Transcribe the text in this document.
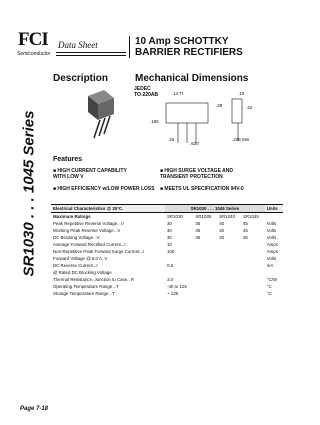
FCI
Semiconductor
Data Sheet	10 Amp SCHOTTKY
BARRIER RECTIFIERS
SR1030 . . . 1045 Series
Description	Mechanical Dimensions
JEDEC
TO-220AB	.14 Tl	.10
.39	.42
.195
.25
.620
.225 Min
Features
■ HIGH CURRENT CAPABILITY
WITH LOW V
■ HIGH SURGE VOLTAGE AND
TRANSIENT PROTECTION
■ HIGH EFFICIENCY w/LOW POWER LOSS ■ MEETS UL SPECIFICATION 94V-0
Electrical Characteristics @ 25°C.	SR1030 . . . 1045 Series				Units
Maximum Ratings	SR1030	SR1035	SR1040	SR1045	
Peak Repetitive Reverse Voltage...V	30	35	40	45	Volts
Working Peak Reverse Voltage...V	30	35	40	45	Volts
DC Blocking Voltage...V	30	35	40	45	Volts
Average Forward Rectified Current...I	10				Amps
Non-Repetitive Peak Forward Surge Current...I	100				Amps
Forward Voltage @ 5.0 A, V					Volts
DC Reverse Current...I	0.5				mA
@ Rated DC Blocking Voltage					
Thermal Resistance, Junction to Case...R	3.0				°C/W
Operating Temperature Range...T	-40 to 125				°C
Storage Temperature Range...T	+ 125				°C
Page 7-18
